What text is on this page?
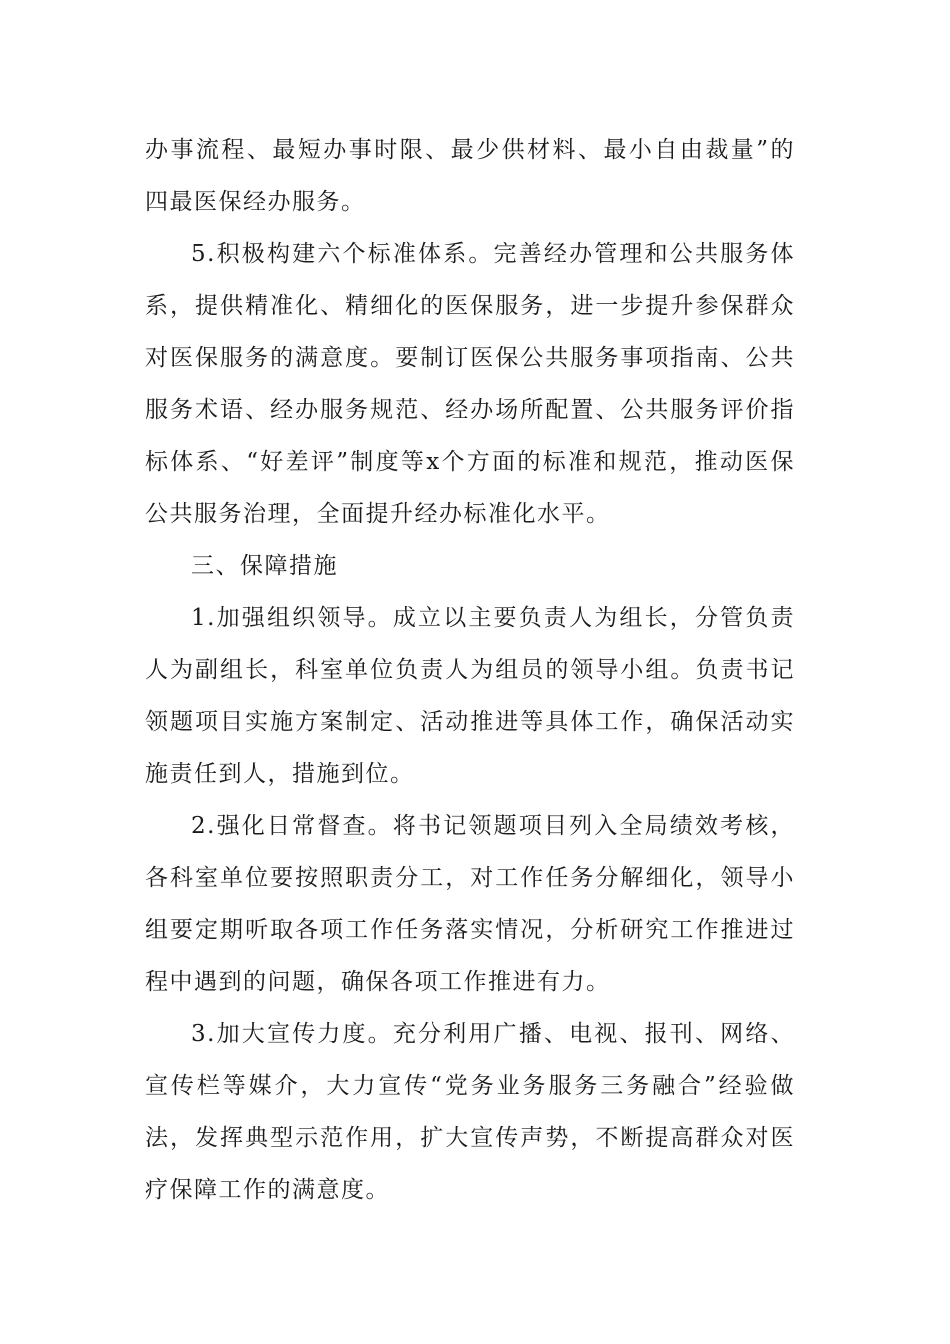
办事流程、最短办事时限、最少供材料、最小自由裁量”的四最医保经办服务。

5.积极构建六个标准体系。完善经办管理和公共服务体系，提供精准化、精细化的医保服务，进一步提升参保群众对医保服务的满意度。要制订医保公共服务事项指南、公共服务术语、经办服务规范、经办场所配置、公共服务评价指标体系、“好差评”制度等x个方面的标准和规范，推动医保公共服务治理，全面提升经办标准化水平。

三、保障措施

1.加强组织领导。成立以主要负责人为组长，分管负责人为副组长，科室单位负责人为组员的领导小组。负责书记领题项目实施方案制定、活动推进等具体工作，确保活动实施责任到人，措施到位。

2.强化日常督查。将书记领题项目列入全局绩效考核，各科室单位要按照职责分工，对工作任务分解细化，领导小组要定期听取各项工作任务落实情况，分析研究工作推进过程中遇到的问题，确保各项工作推进有力。

3.加大宣传力度。充分利用广播、电视、报刊、网络、宣传栏等媒介，大力宣传“党务业务服务三务融合”经验做法，发挥典型示范作用，扩大宣传声势，不断提高群众对医疗保障工作的满意度。
